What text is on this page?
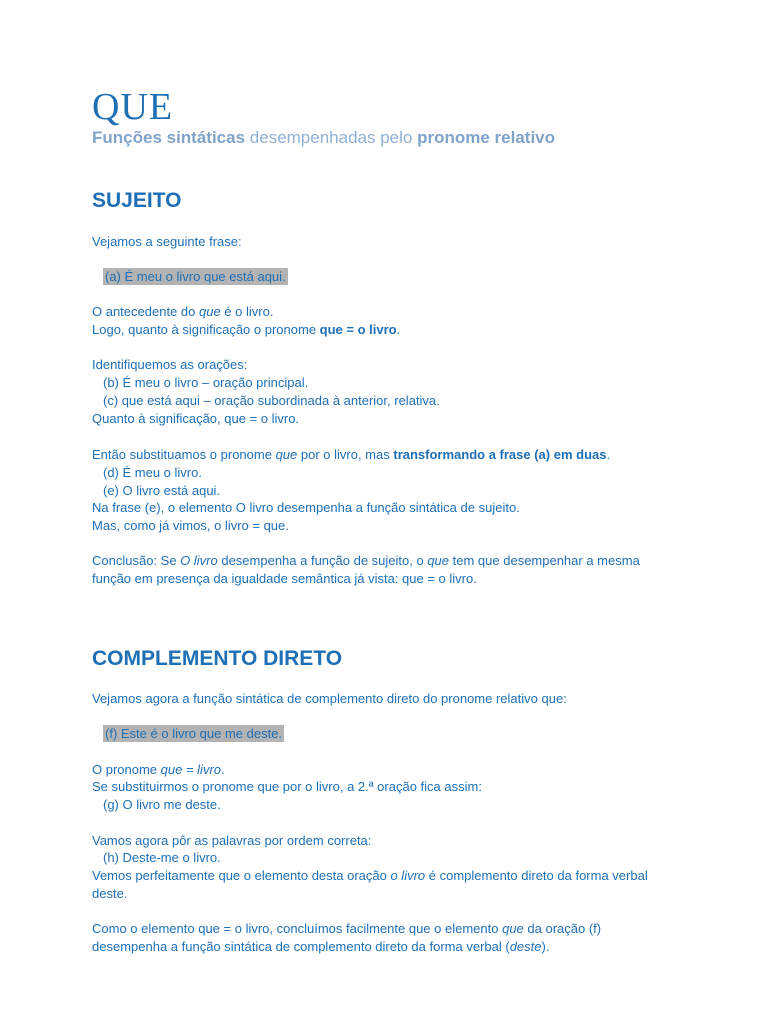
QUE
Funções sintáticas desempenhadas pelo pronome relativo
SUJEITO
Vejamos a seguinte frase:
(a) É meu o livro que está aqui.
O antecedente do que é o livro.
Logo, quanto à significação o pronome que = o livro.
Identifiquemos as orações:
(b) É meu o livro – oração principal.
(c) que está aqui – oração subordinada à anterior, relativa.
Quanto à significação, que = o livro.
Então substituamos o pronome que por o livro, mas transformando a frase (a) em duas.
(d) É meu o livro.
(e) O livro está aqui.
Na frase (e), o elemento O livro desempenha a função sintática de sujeito.
Mas, como já vimos, o livro = que.
Conclusão: Se O livro desempenha a função de sujeito, o que tem que desempenhar a mesma
função em presença da igualdade semântica já vista: que = o livro.
COMPLEMENTO DIRETO
Vejamos agora a função sintática de complemento direto do pronome relativo que:
(f) Este é o livro que me deste.
O pronome que = livro.
Se substituirmos o pronome que por o livro, a 2.ª oração fica assim:
(g) O livro me deste.
Vamos agora pôr as palavras por ordem correta:
(h) Deste-me o livro.
Vemos perfeitamente que o elemento desta oração o livro é complemento direto da forma verbal
deste.
Como o elemento que = o livro, concluímos facilmente que o elemento que da oração (f)
desempenha a função sintática de complemento direto da forma verbal (deste).
